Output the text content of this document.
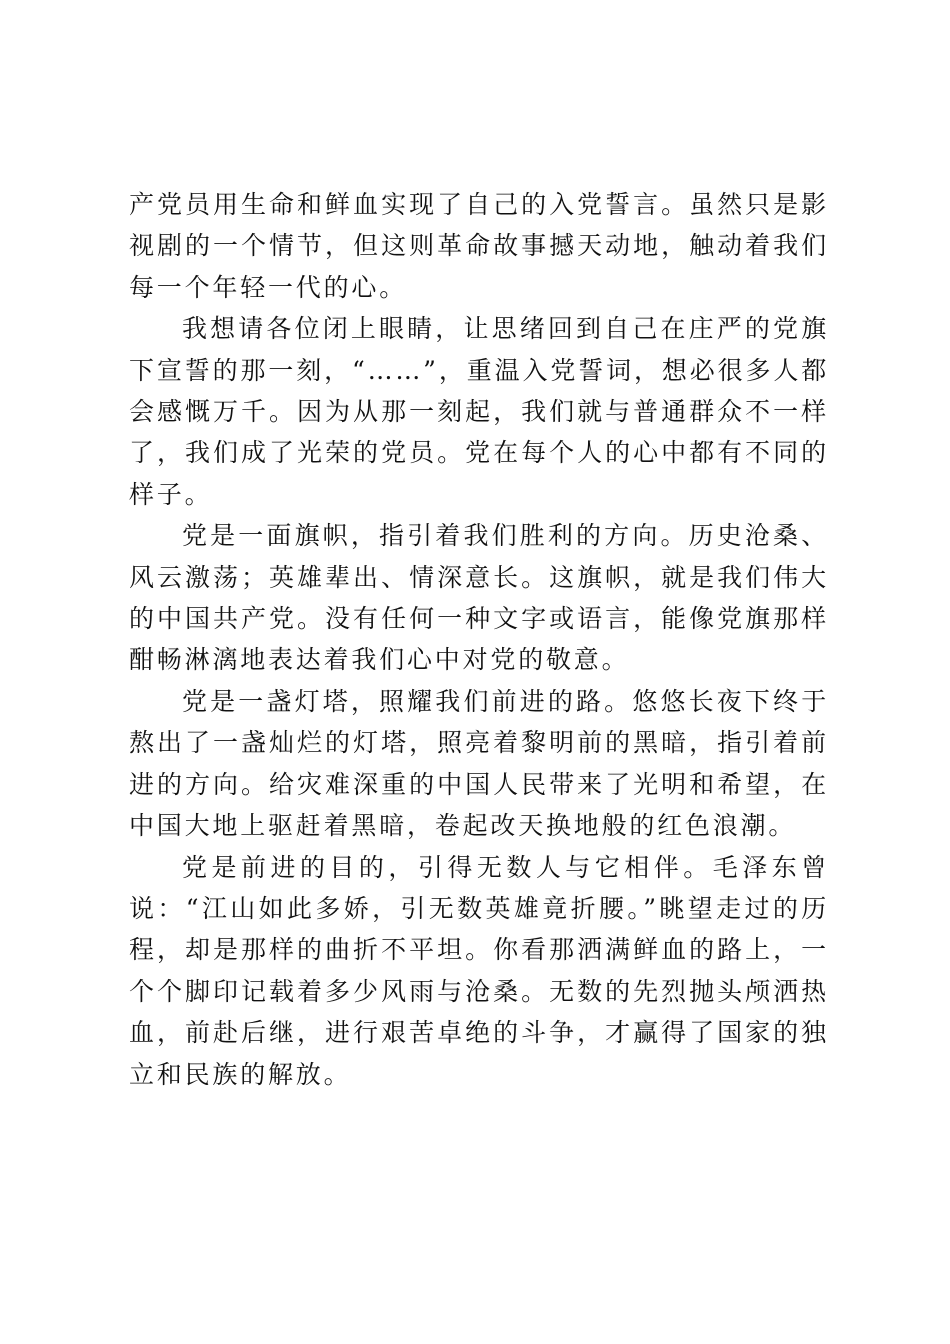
产党员用生命和鲜血实现了自己的入党誓言。虽然只是影视剧的一个情节，但这则革命故事撼天动地，触动着我们每一个年轻一代的心。

我想请各位闭上眼睛，让思绪回到自己在庄严的党旗下宣誓的那一刻，“……”，重温入党誓词，想必很多人都会感慨万千。因为从那一刻起，我们就与普通群众不一样了，我们成了光荣的党员。党在每个人的心中都有不同的样子。

党是一面旗帜，指引着我们胜利的方向。历史沧桑、风云激荡；英雄辈出、情深意长。这旗帜，就是我们伟大的中国共产党。没有任何一种文字或语言，能像党旗那样酣畅淋漓地表达着我们心中对党的敬意。

党是一盏灯塔，照耀我们前进的路。悠悠长夜下终于熬出了一盏灿烂的灯塔，照亮着黎明前的黑暗，指引着前进的方向。给灾难深重的中国人民带来了光明和希望，在中国大地上驱赶着黑暗，卷起改天换地般的红色浪潮。

党是前进的目的，引得无数人与它相伴。毛泽东曾说：“江山如此多娇，引无数英雄竟折腰。”眺望走过的历程，却是那样的曲折不平坦。你看那洒满鲜血的路上，一个个脚印记载着多少风雨与沧桑。无数的先烈抛头颅洒热血，前赴后继，进行艰苦卓绝的斗争，才赢得了国家的独立和民族的解放。
